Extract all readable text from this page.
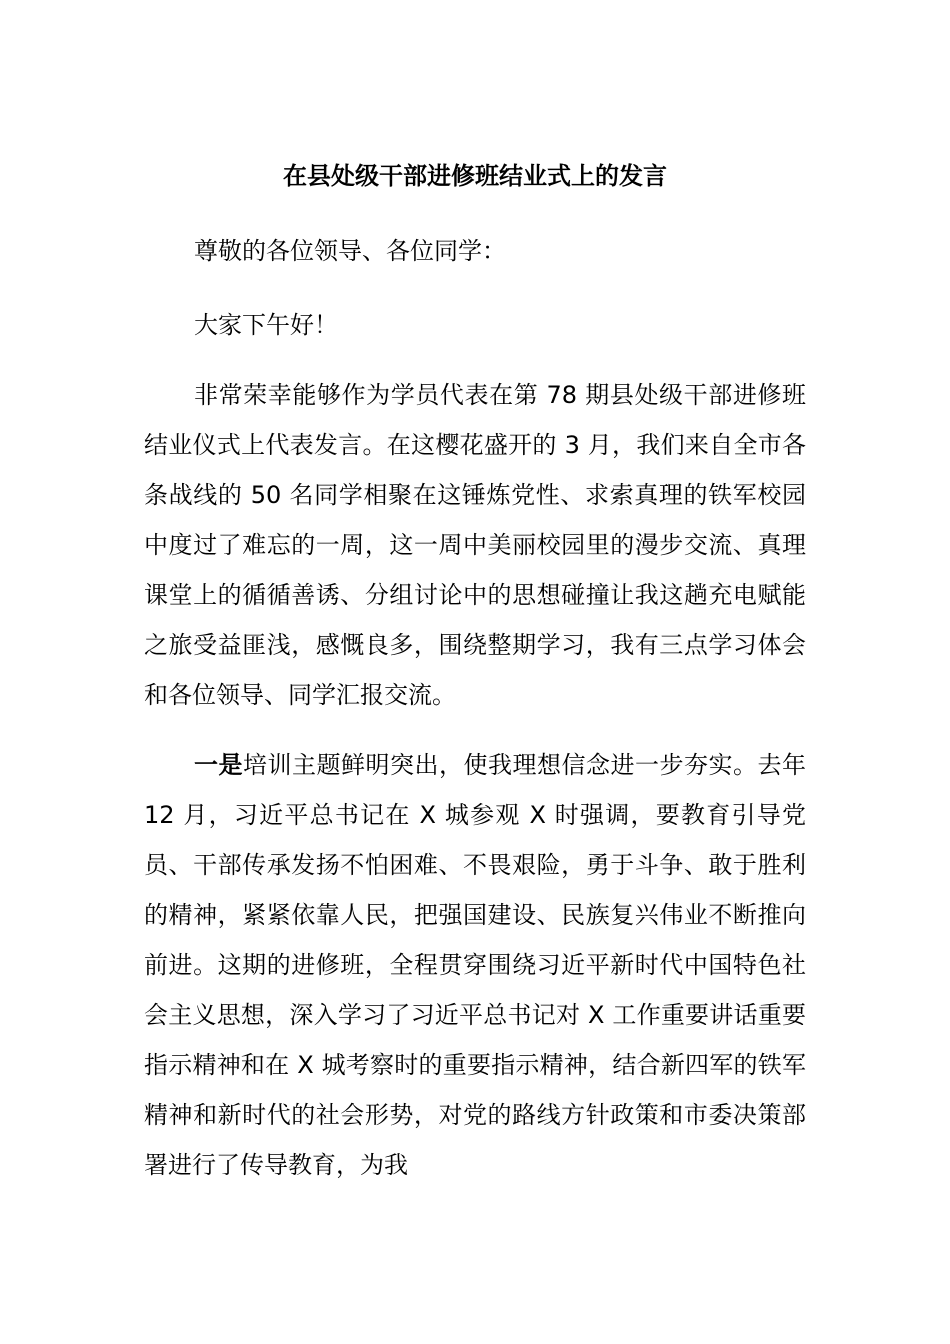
在县处级干部进修班结业式上的发言
尊敬的各位领导、各位同学：
大家下午好！
非常荣幸能够作为学员代表在第 78 期县处级干部进修班结业仪式上代表发言。在这樱花盛开的 3 月，我们来自全市各条战线的 50 名同学相聚在这锤炼党性、求索真理的铁军校园中度过了难忘的一周，这一周中美丽校园里的漫步交流、真理课堂上的循循善诱、分组讨论中的思想碰撞让我这趟充电赋能之旅受益匪浅，感慨良多，围绕整期学习，我有三点学习体会和各位领导、同学汇报交流。
一是培训主题鲜明突出，使我理想信念进一步夯实。去年 12 月，习近平总书记在 X 城参观 X 时强调，要教育引导党员、干部传承发扬不怕困难、不畏艰险，勇于斗争、敢于胜利的精神，紧紧依靠人民，把强国建设、民族复兴伟业不断推向前进。这期的进修班，全程贯穿围绕习近平新时代中国特色社会主义思想，深入学习了习近平总书记对 X 工作重要讲话重要指示精神和在 X 城考察时的重要指示精神，结合新四军的铁军精神和新时代的社会形势，对党的路线方针政策和市委决策部署进行了传导教育，为我
